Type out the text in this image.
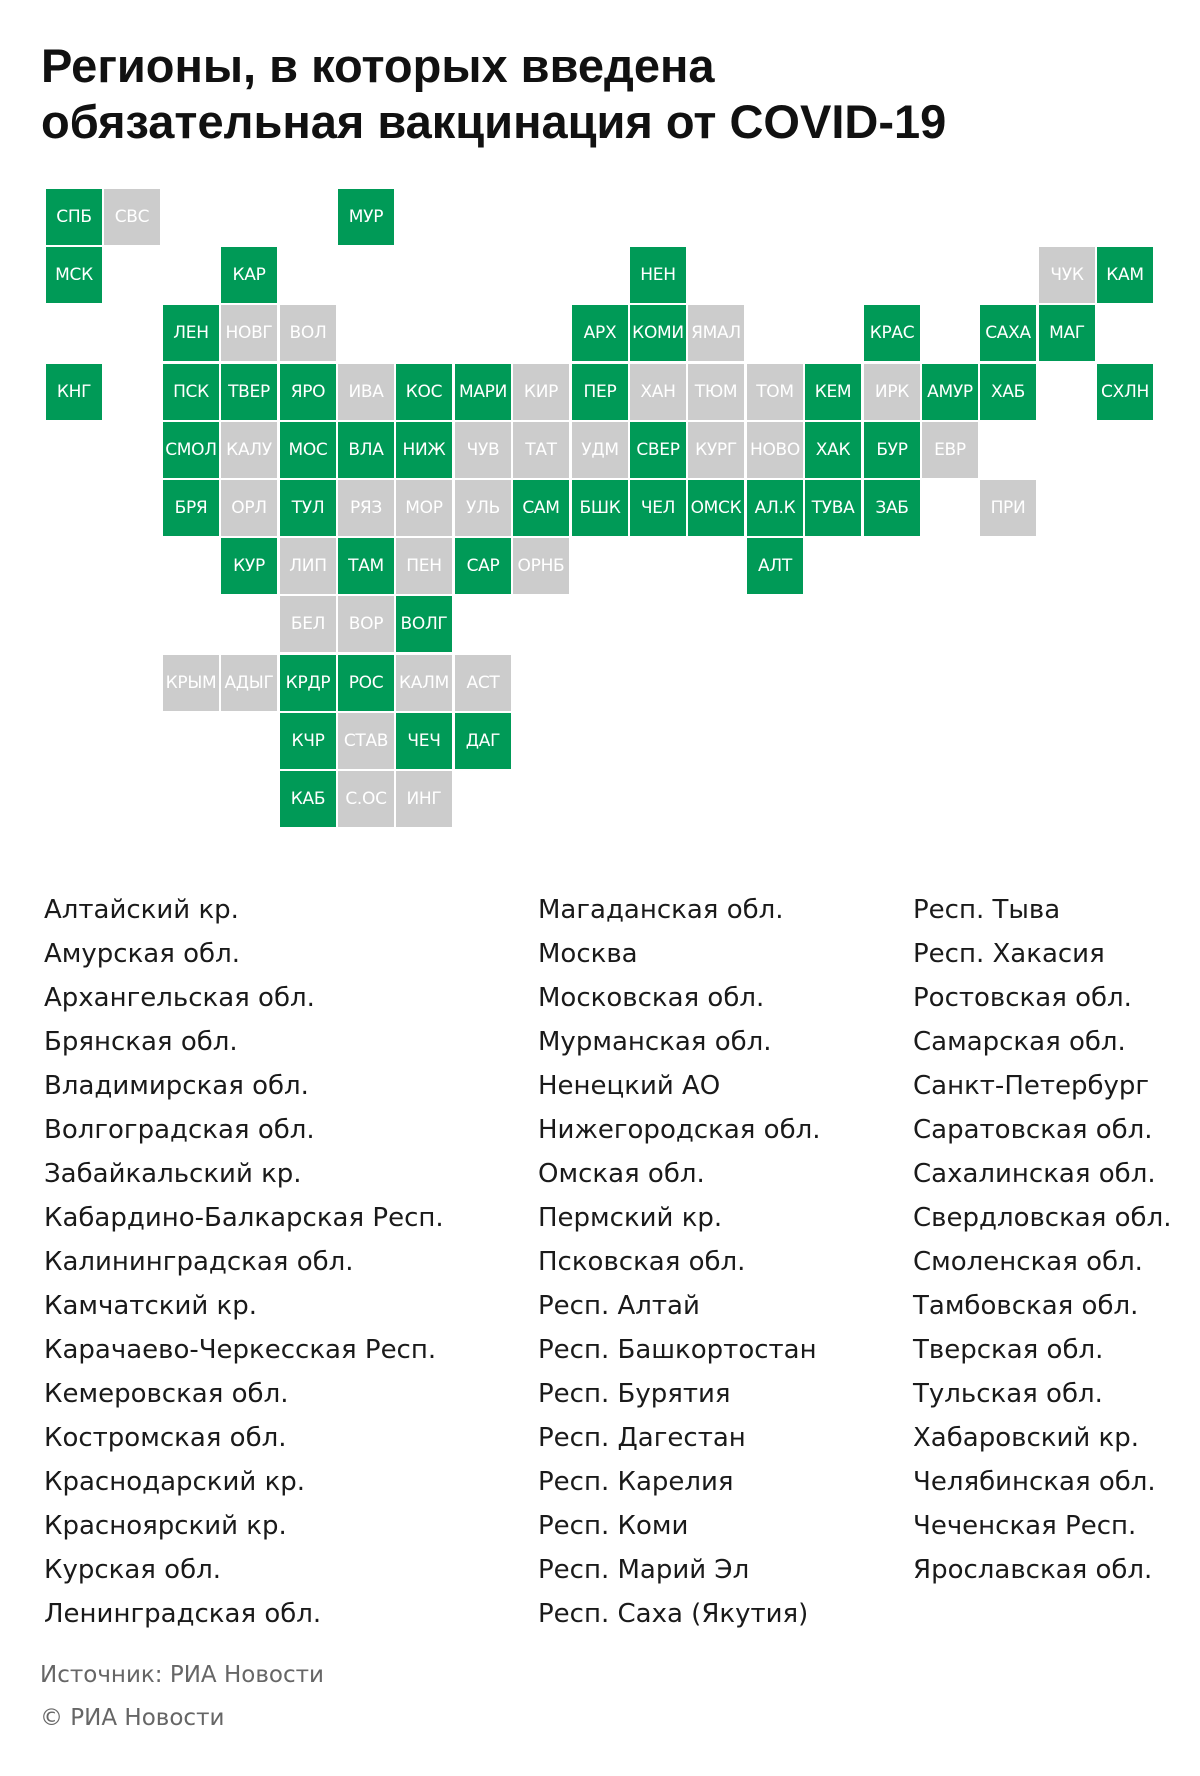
Регионы, в которых введена
обязательная вакцинация от COVID-19
СПБ	СВС	МУР
МСК	КАР	НЕН	ЧУК	КАМ
ЛЕН НОВГ	ВОЛ	АРХ КОМИ ЯМАЛ	КРАС	САХА	МАГ
КНГ	ПСК	ТВЕР	ЯРО	ИВА	КОС МАРИ КИР	ПЕР	ХАН	ТЮМ	ТОМ	КЕМ	ИРК	АМУР	ХАБ	СХЛН
СМОЛ КАЛУ МОС	ВЛА	НИЖ	ЧУВ	ТАТ	УДМ	СВЕР КУРГ НОВО ХАК	БУР	ЕВР
БРЯ	ОРЛ	ТУЛ	РЯЗ	МОР	УЛЬ	САМ	БШК	ЧЕЛ ОМСК АЛ.К ТУВА	ЗАБ	ПРИ
КУР	ЛИП	ТАМ	ПЕН	САР	ОРНБ	АЛТ
БЕЛ	ВОР	ВОЛГ
КРЫМ АДЫГ КРДР	РОС КАЛМ	АСТ
КЧР	СТАВ	ЧЕЧ	ДАГ
КАБ	С.ОС	ИНГ
Алтайский кр.
Амурская обл.
Архангельская обл.
Брянская обл.
Владимирская обл.
Волгоградская обл.
Забайкальский кр.
Кабардино-Балкарская Респ.
Калининградская обл.
Камчатский кр.
Карачаево-Черкесская Респ.
Кемеровская обл.
Костромская обл.
Краснодарский кр.
Красноярский кр.
Курская обл.
Ленинградская обл.
Магаданская обл.
Москва
Московская обл.
Мурманская обл.
Ненецкий АО
Нижегородская обл.
Омская обл.
Пермский кр.
Псковская обл.
Респ. Алтай
Респ. Башкортостан
Респ. Бурятия
Респ. Дагестан
Респ. Карелия
Респ. Коми
Респ. Марий Эл
Респ. Саха (Якутия)
Респ. Тыва
Респ. Хакасия
Ростовская обл.
Самарская обл.
Санкт-Петербург
Саратовская обл.
Сахалинская обл.
Свердловская обл.
Смоленская обл.
Тамбовская обл.
Тверская обл.
Тульская обл.
Хабаровский кр.
Челябинская обл.
Чеченская Респ.
Ярославская обл.
Источник: РИА Новости
© РИА Новости
